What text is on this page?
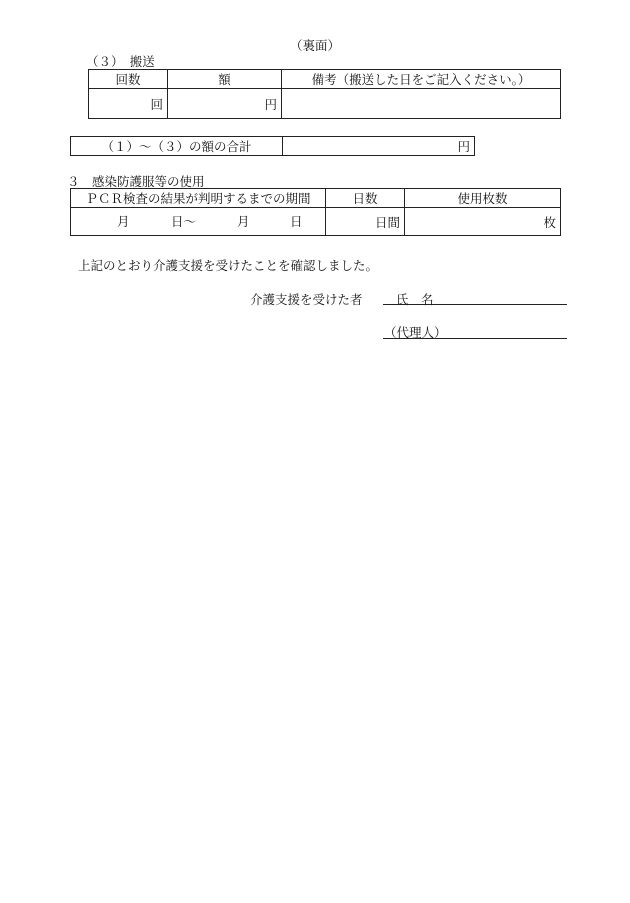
（裏面）
（３）　搬送
回数	額	備考（搬送した日をご記入ください。）
回	円	
（１）～（３）の額の合計	円
３　感染防護服等の使用
ＰＣＲ検査の結果が判明するまでの期間	日数	使用枚数

月 日～ 月 日	日間	枚
上記のとおり介護支援を受けたことを確認しました。
介護支援を受けた者	氏　名
（代理人）
